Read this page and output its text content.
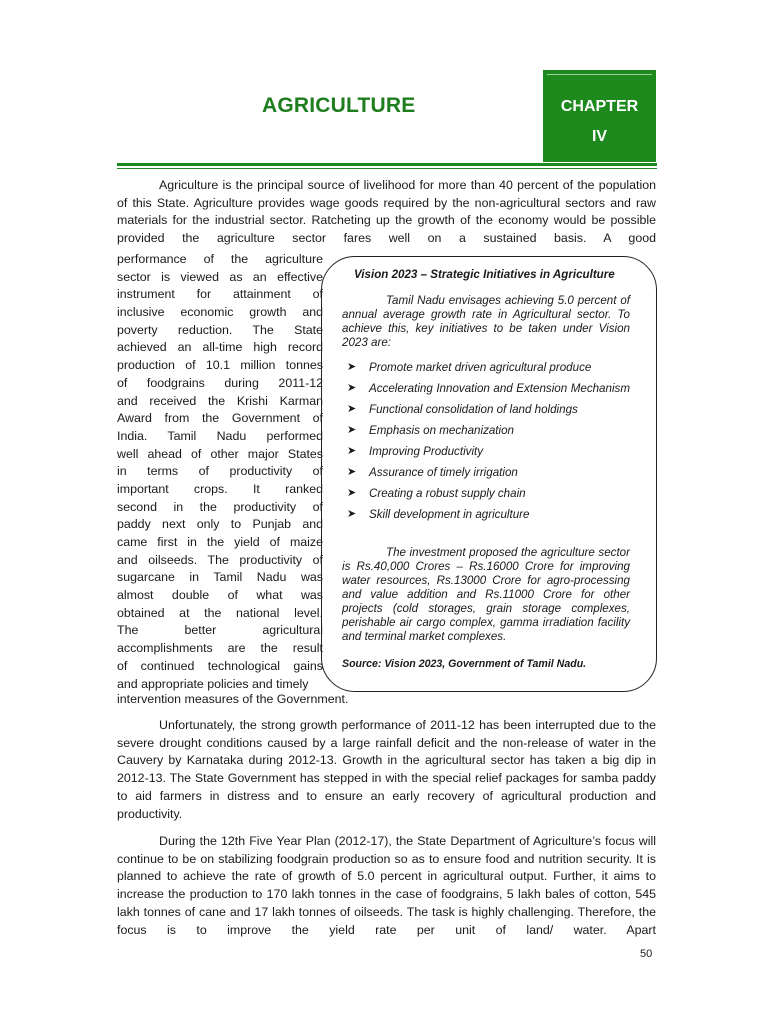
AGRICULTURE	CHAPTER
IV

Agriculture is the principal source of livelihood for more than 40 percent of the population of this State. Agriculture provides wage goods required by the non-agricultural sectors and raw materials for the industrial sector. Ratcheting up the growth of the economy would be possible provided the agriculture sector fares well on a sustained basis. A good

performance of the agriculture
sector is viewed as an effective
instrument for attainment of
inclusive economic growth and
poverty reduction. The State
achieved an all-time high record
production of 10.1 million tonnes
of foodgrains during 2011-12
and received the Krishi Karman
Award from the Government of
India. Tamil Nadu performed
well ahead of other major States
in terms of productivity of
important crops. It ranked
second in the productivity of
paddy next only to Punjab and
came first in the yield of maize
and oilseeds. The productivity of
sugarcane in Tamil Nadu was
almost double of what was
obtained at the national level.
The better agricultural
accomplishments are the result
of continued technological gains
and appropriate policies and timely
intervention measures of the Government.
Vision 2023 – Strategic Initiatives in Agriculture

Tamil Nadu envisages achieving 5.0 percent of annual average growth rate in Agricultural sector. To achieve this, key initiatives to be taken under Vision 2023 are:

➤ Promote market driven agricultural produce
➤ Accelerating Innovation and Extension Mechanism
➤ Functional consolidation of land holdings
➤ Emphasis on mechanization
➤ Improving Productivity
➤ Assurance of timely irrigation
➤ Creating a robust supply chain
➤ Skill development in agriculture

The investment proposed the agriculture sector is Rs.40,000 Crores – Rs.16000 Crore for improving water resources, Rs.13000 Crore for agro-processing and value addition and Rs.11000 Crore for other projects (cold storages, grain storage complexes, perishable air cargo complex, gamma irradiation facility and terminal market complexes.

Source: Vision 2023, Government of Tamil Nadu.

Unfortunately, the strong growth performance of 2011-12 has been interrupted due to the severe drought conditions caused by a large rainfall deficit and the non-release of water in the Cauvery by Karnataka during 2012-13. Growth in the agricultural sector has taken a big dip in 2012-13. The State Government has stepped in with the special relief packages for samba paddy to aid farmers in distress and to ensure an early recovery of agricultural production and productivity.

During the 12th Five Year Plan (2012-17), the State Department of Agriculture’s focus will continue to be on stabilizing foodgrain production so as to ensure food and nutrition security. It is planned to achieve the rate of growth of 5.0 percent in agricultural output. Further, it aims to increase the production to 170 lakh tonnes in the case of foodgrains, 5 lakh bales of cotton, 545 lakh tonnes of cane and 17 lakh tonnes of oilseeds. The task is highly challenging. Therefore, the focus is to improve the yield rate per unit of land/ water. Apart

50
